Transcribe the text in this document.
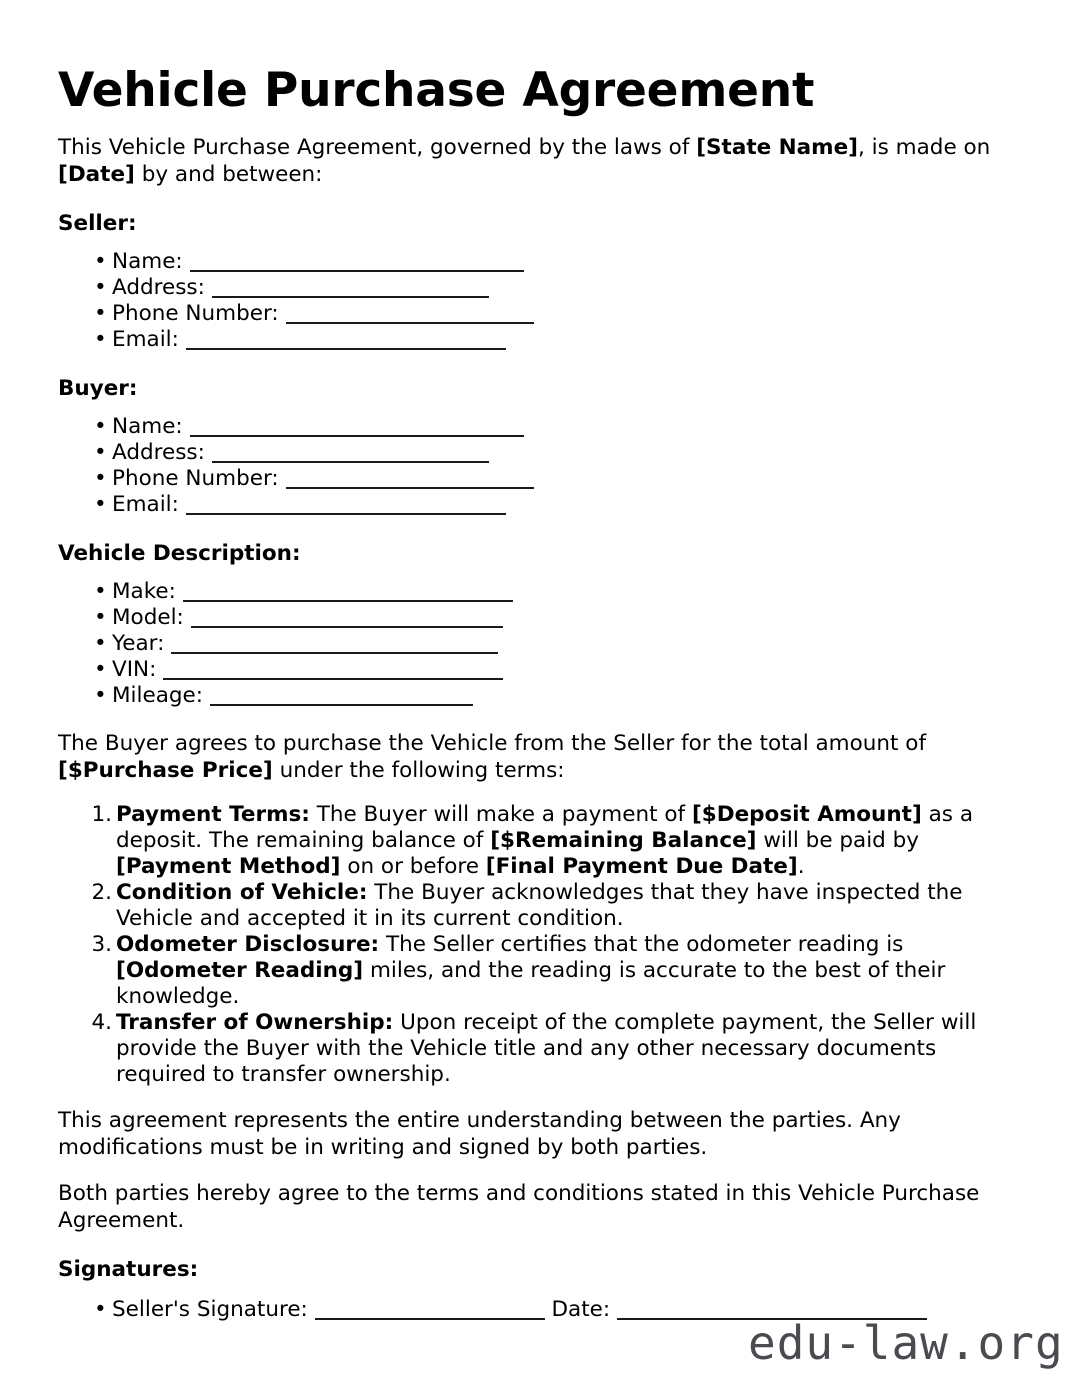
Vehicle Purchase Agreement

This Vehicle Purchase Agreement, governed by the laws of [State Name], is made on [Date] by and between:

Seller:
• Name:
• Address:
• Phone Number:
• Email:
Buyer:
• Name:
• Address:
• Phone Number:
• Email:
Vehicle Description:
• Make:
• Model:
• Year:
• VIN:
• Mileage:

The Buyer agrees to purchase the Vehicle from the Seller for the total amount of [$Purchase Price] under the following terms:

Payment Terms: The Buyer will make a payment of [$Deposit Amount] as a deposit. The remaining balance of [$Remaining Balance] will be paid by [Payment Method] on or before [Final Payment Due Date].
Condition of Vehicle: The Buyer acknowledges that they have inspected the Vehicle and accepted it in its current condition.
Odometer Disclosure: The Seller certifies that the odometer reading is [Odometer Reading] miles, and the reading is accurate to the best of their knowledge.
Transfer of Ownership: Upon receipt of the complete payment, the Seller will provide the Buyer with the Vehicle title and any other necessary documents required to transfer ownership.

This agreement represents the entire understanding between the parties. Any modifications must be in writing and signed by both parties.

Both parties hereby agree to the terms and conditions stated in this Vehicle Purchase Agreement.

Signatures:
• Seller's Signature:	Date:
edu-law.org
